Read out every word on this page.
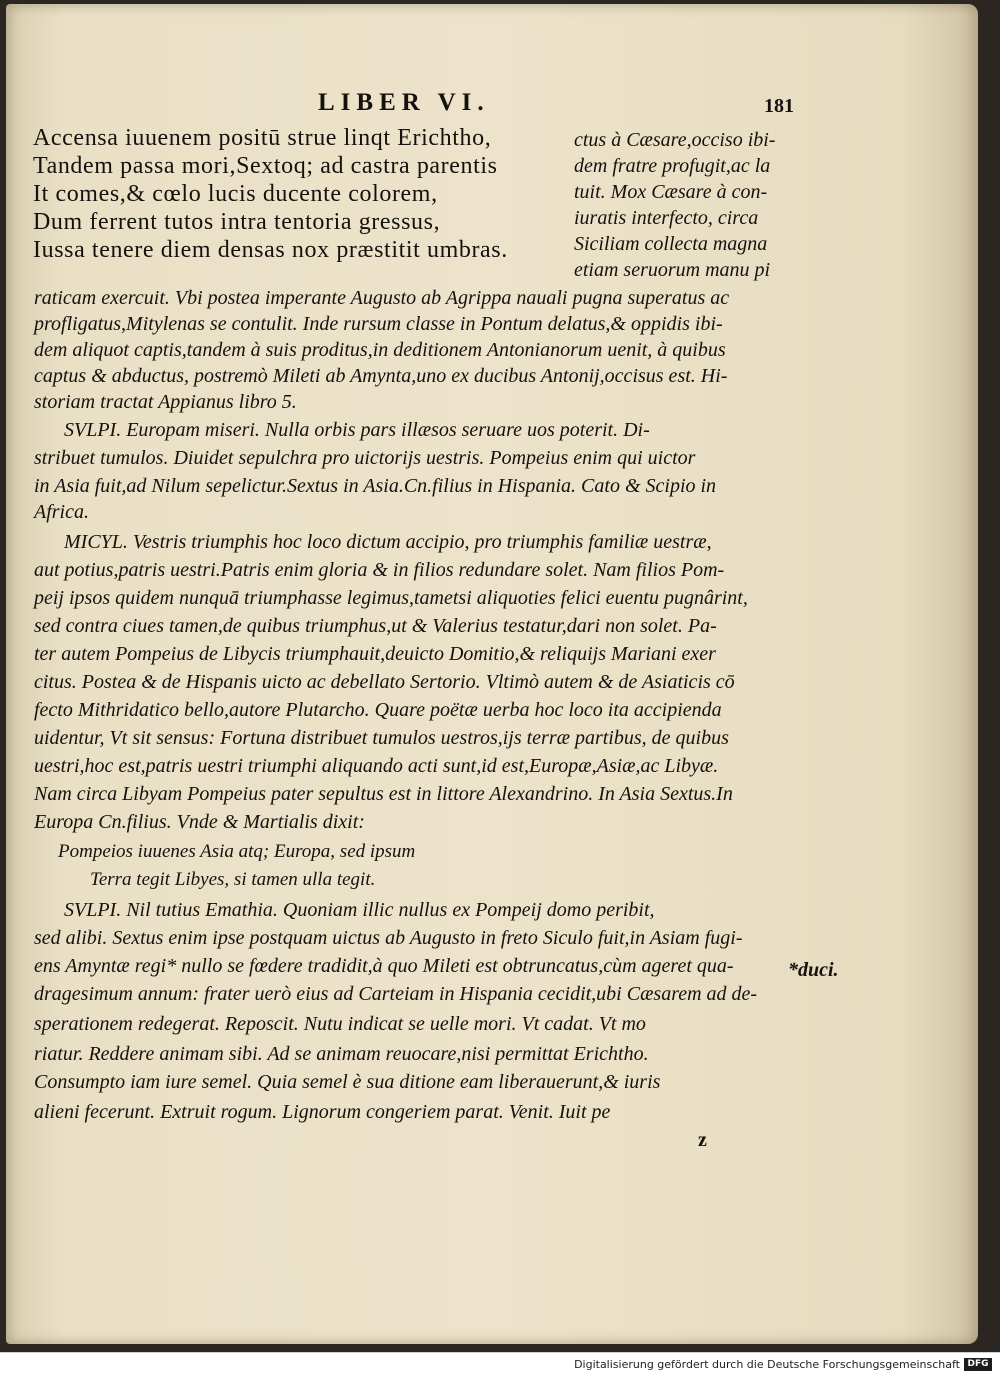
LIBER VI.	181
Accensa iuuenem positū strue linqt Erichtho,
Tandem passa mori,Sextoq; ad castra parentis
It comes,& cœlo lucis ducente colorem,
Dum ferrent tutos intra tentoria gressus,
Iussa tenere diem densas nox præstitit umbras.
ctus à Cæsare,occiso ibi-
dem fratre profugit,ac la
tuit. Mox Cæsare à con-
iuratis interfecto, circa
Siciliam collecta magna
etiam seruorum manu pi
raticam exercuit. Vbi postea imperante Augusto ab Agrippa nauali pugna superatus ac
profligatus,Mitylenas se contulit. Inde rursum classe in Pontum delatus,& oppidis ibi-
dem aliquot captis,tandem à suis proditus,in deditionem Antonianorum uenit, à quibus
captus & abductus, postremò Mileti ab Amynta,uno ex ducibus Antonij,occisus est. Hi-
storiam tractat Appianus libro 5.
SVLPI. Europam miseri. Nulla orbis pars illæsos seruare uos poterit. Di-
stribuet tumulos. Diuidet sepulchra pro uictorijs uestris. Pompeius enim qui uictor
in Asia fuit,ad Nilum sepelictur.Sextus in Asia.Cn.filius in Hispania. Cato & Scipio in
Africa.
MICYL. Vestris triumphis hoc loco dictum accipio, pro triumphis familiæ uestræ,
aut potius,patris uestri.Patris enim gloria & in filios redundare solet. Nam filios Pom-
peij ipsos quidem nunquā triumphasse legimus,tametsi aliquoties felici euentu pugnârint,
sed contra ciues tamen,de quibus triumphus,ut & Valerius testatur,dari non solet. Pa-
ter autem Pompeius de Libycis triumphauit,deuicto Domitio,& reliquijs Mariani exer
citus. Postea & de Hispanis uicto ac debellato Sertorio. Vltimò autem & de Asiaticis cō
fecto Mithridatico bello,autore Plutarcho. Quare poëtæ uerba hoc loco ita accipienda
uidentur, Vt sit sensus: Fortuna distribuet tumulos uestros,ijs terræ partibus, de quibus
uestri,hoc est,patris uestri triumphi aliquando acti sunt,id est,Europæ,Asiæ,ac Libyæ.
Nam circa Libyam Pompeius pater sepultus est in littore Alexandrino. In Asia Sextus.In
Europa Cn.filius. Vnde & Martialis dixit:
Pompeios iuuenes Asia atq; Europa, sed ipsum
Terra tegit Libyes, si tamen ulla tegit.
SVLPI. Nil tutius Emathia. Quoniam illic nullus ex Pompeij domo peribit,
sed alibi. Sextus enim ipse postquam uictus ab Augusto in freto Siculo fuit,in Asiam fugi-
ens Amyntæ regi* nullo se fœdere tradidit,à quo Mileti est obtruncatus,cùm ageret qua-
dragesimum annum: frater uerò eius ad Carteiam in Hispania cecidit,ubi Cæsarem ad de-
sperationem redegerat. Reposcit. Nutu indicat se uelle mori. Vt cadat. Vt mo
riatur. Reddere animam sibi. Ad se animam reuocare,nisi permittat Erichtho.
Consumpto iam iure semel. Quia semel è sua ditione eam liberauerunt,& iuris
alieni fecerunt. Extruit rogum. Lignorum congeriem parat. Venit. Iuit pe
*duci.
z
Digitalisierung gefördert durch die Deutsche Forschungsgemeinschaft DFG
